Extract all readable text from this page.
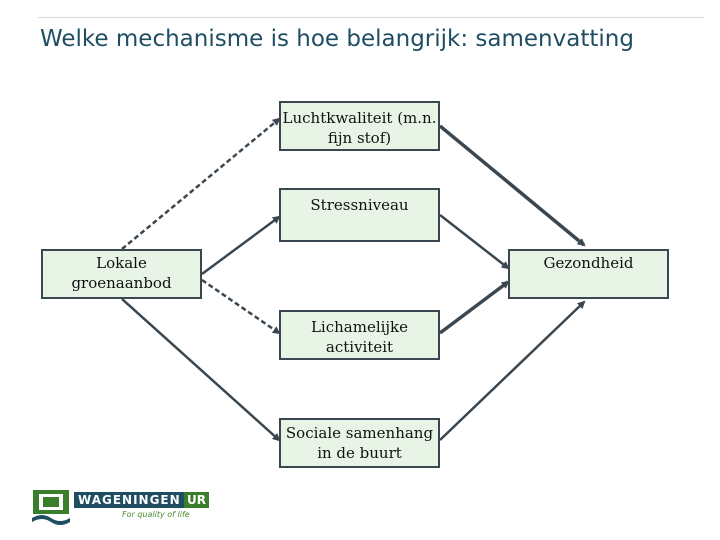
Welke mechanisme is hoe belangrijk: samenvatting
Luchtkwaliteit (m.n.
fijn stof)
Stressniveau
Lokale
groenaanbod
Gezondheid
Lichamelijke
activiteit
Sociale samenhang
in de buurt
WAGENINGEN UR
For quality of life
